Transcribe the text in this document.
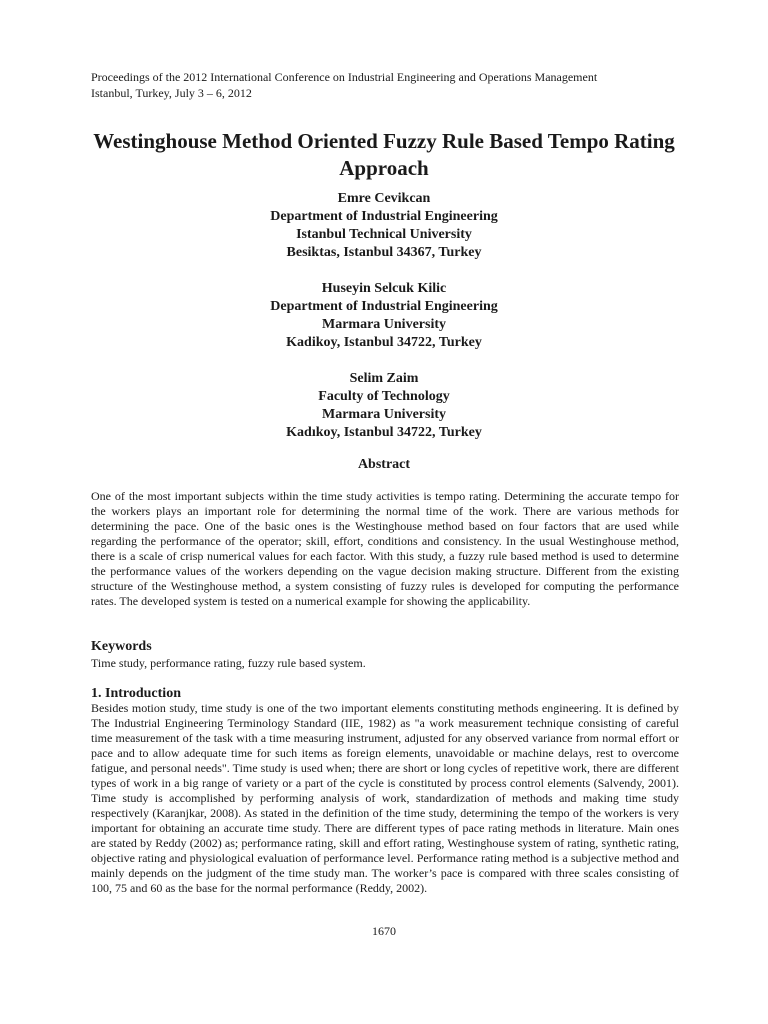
Proceedings of the 2012 International Conference on Industrial Engineering and Operations Management
Istanbul, Turkey, July 3 – 6, 2012
Westinghouse Method Oriented Fuzzy Rule Based Tempo Rating Approach
Emre Cevikcan
Department of Industrial Engineering
Istanbul Technical University
Besiktas, Istanbul 34367, Turkey
Huseyin Selcuk Kilic
Department of Industrial Engineering
Marmara University
Kadikoy, Istanbul 34722, Turkey
Selim Zaim
Faculty of Technology
Marmara University
Kadıkoy, Istanbul 34722, Turkey
Abstract
One of the most important subjects within the time study activities is tempo rating. Determining the accurate tempo for the workers plays an important role for determining the normal time of the work. There are various methods for determining the pace. One of the basic ones is the Westinghouse method based on four factors that are used while regarding the performance of the operator; skill, effort, conditions and consistency. In the usual Westinghouse method, there is a scale of crisp numerical values for each factor. With this study, a fuzzy rule based method is used to determine the performance values of the workers depending on the vague decision making structure. Different from the existing structure of the Westinghouse method, a system consisting of fuzzy rules is developed for computing the performance rates. The developed system is tested on a numerical example for showing the applicability.
Keywords
Time study, performance rating, fuzzy rule based system.
1. Introduction
Besides motion study, time study is one of the two important elements constituting methods engineering. It is defined by The Industrial Engineering Terminology Standard (IIE, 1982) as "a work measurement technique consisting of careful time measurement of the task with a time measuring instrument, adjusted for any observed variance from normal effort or pace and to allow adequate time for such items as foreign elements, unavoidable or machine delays, rest to overcome fatigue, and personal needs". Time study is used when; there are short or long cycles of repetitive work, there are different types of work in a big range of variety or a part of the cycle is constituted by process control elements (Salvendy, 2001). Time study is accomplished by performing analysis of work, standardization of methods and making time study respectively (Karanjkar, 2008). As stated in the definition of the time study, determining the tempo of the workers is very important for obtaining an accurate time study. There are different types of pace rating methods in literature. Main ones are stated by Reddy (2002) as; performance rating, skill and effort rating, Westinghouse system of rating, synthetic rating, objective rating and physiological evaluation of performance level. Performance rating method is a subjective method and mainly depends on the judgment of the time study man. The worker’s pace is compared with three scales consisting of 100, 75 and 60 as the base for the normal performance (Reddy, 2002).
1670
